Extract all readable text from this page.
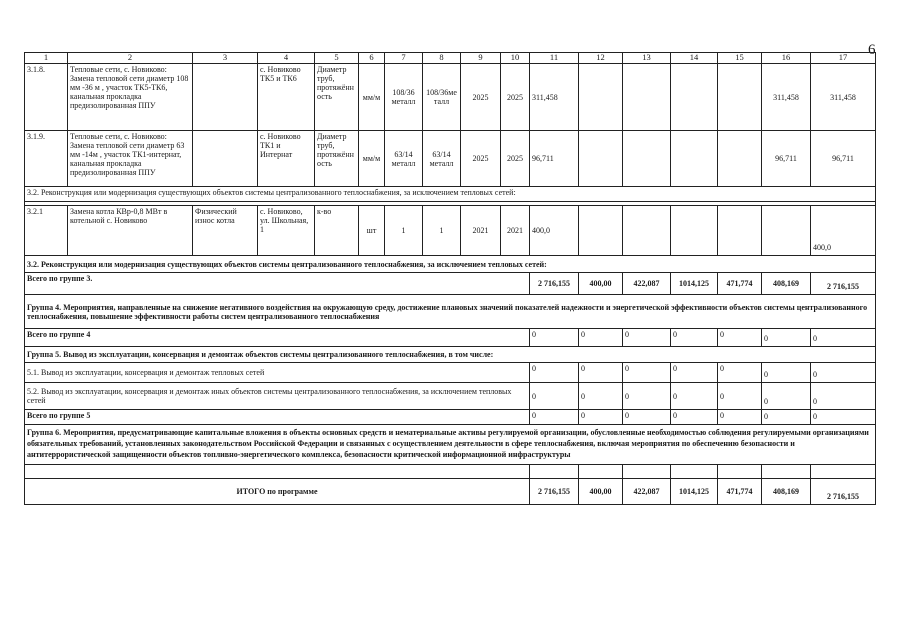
6
1	2	3	4	5	6	7	8	9	10	11	12	13	14	15	16	17
3.1.8.	Тепловые сети, с. Новиково: Замена тепловой сети диаметр 108 мм -36 м , участок ТК5-ТК6, канальная прокладка предизолированная ППУ		с. Новиково ТК5 и ТК6	Диаметр труб, протяжённость	мм/м	108/36 металл	108/36металл	2025	2025	311,458					311,458	311,458
3.1.9.	Тепловые сети, с. Новиково: Замена тепловой сети диаметр 63 мм -14м , участок ТК1-интернат, канальная прокладка предизолированная ППУ		с. Новиково ТК1 и Интернат	Диаметр труб, протяжённость	мм/м	63/14 металл	63/14 металл	2025	2025	96,711					96,711	96,711
3.2. Реконструкция или модернизация существующих объектов системы централизованного теплоснабжения, за исключением тепловых сетей:																

3.2.1	Замена котла КВр-0,8 МВт в котельной с. Новиково	Физический износ котла	с. Новиково, ул. Школьная, 1	к-во	шт	1	1	2021	2021	400,0						400,0
3.2. Реконструкция или модернизация существующих объектов системы централизованного теплоснабжения, за исключением тепловых сетей:																
Всего по группе 3.										2 716,155	400,00	422,087	1014,125	471,774	408,169	2 716,155
Группа 4. Мероприятия, направленные на снижение негативного воздействия на окружающую среду, достижение плановых значений показателей надежности и энергетической эффективности объектов системы централизованного теплоснабжения, повышение эффективности работы систем централизованного теплоснабжения																
Всего по группе 4										0	0	0	0	0	0	0
Группа 5. Вывод из эксплуатации, консервация и демонтаж объектов системы централизованного теплоснабжения, в том числе:																
5.1. Вывод из эксплуатации, консервация и демонтаж тепловых сетей										0	0	0	0	0	0	0
5.2. Вывод из эксплуатации, консервация и демонтаж иных объектов системы централизованного теплоснабжения, за исключением тепловых сетей										0	0	0	0	0	0	0
Всего по группе 5										0	0	0	0	0	0	0
Группа 6. Мероприятия, предусматривающие капитальные вложения в объекты основных средств и нематериальные активы регулируемой организации, обусловленные необходимостью соблюдения регулируемыми организациями обязательных требований, установленных законодательством Российской Федерации и связанных с осуществлением деятельности в сфере теплоснабжения, включая мероприятия по обеспечению безопасности и антитеррористической защищенности объектов топливно-энергетического комплекса, безопасности критической информационной инфраструктуры																

ИТОГО по программе										2 716,155	400,00	422,087	1014,125	471,774	408,169	2 716,155
